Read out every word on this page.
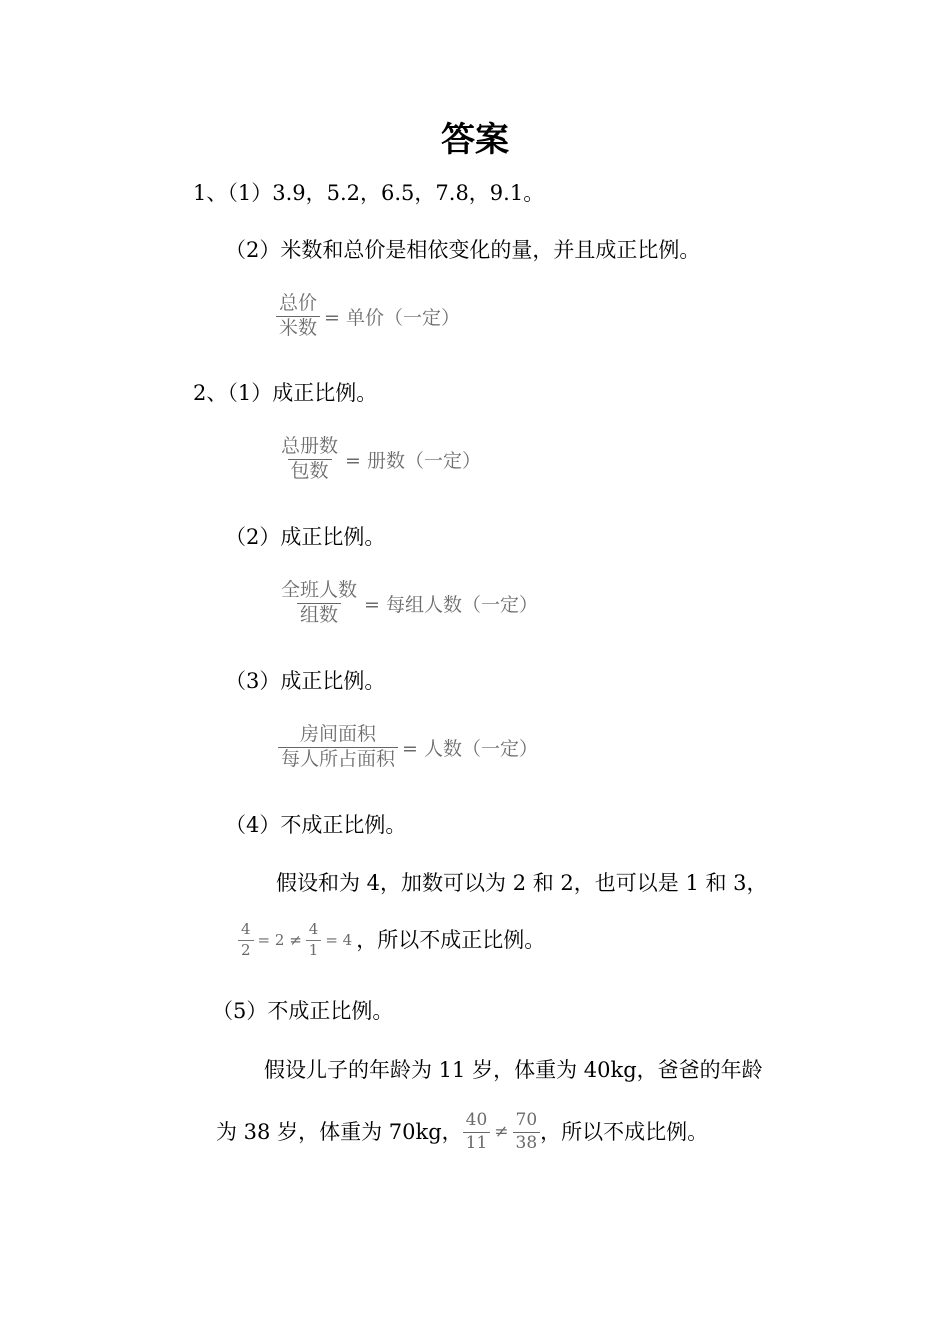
答案
1、（1）3.9，5.2，6.5，7.8，9.1。
（2）米数和总价是相依变化的量，并且成正比例。
$\frac{\text{总价}}{\text{米数}}$ = 单价（一定）
2、（1）成正比例。
$\frac{\text{总册数}}{\text{包数}}$ = 册数（一定）
（2）成正比例。
$\frac{\text{全班人数}}{\text{组数}}$ = 每组人数（一定）
（3）成正比例。
$\frac{\text{房间面积}}{\text{每人所占面积}}$ = 人数（一定）
（4）不成正比例。
假设和为 4，加数可以为 2 和 2，也可以是 1 和 3，
$\frac{4}{2} = 2 \ne \frac{4}{1} = 4$ ，所以不成正比例。
（5）不成正比例。
假设儿子的年龄为 11 岁，体重为 40kg，爸爸的年龄
为 38 岁，体重为 70kg， $\frac{40}{11} \ne \frac{70}{38}$ ，所以不成比例。
